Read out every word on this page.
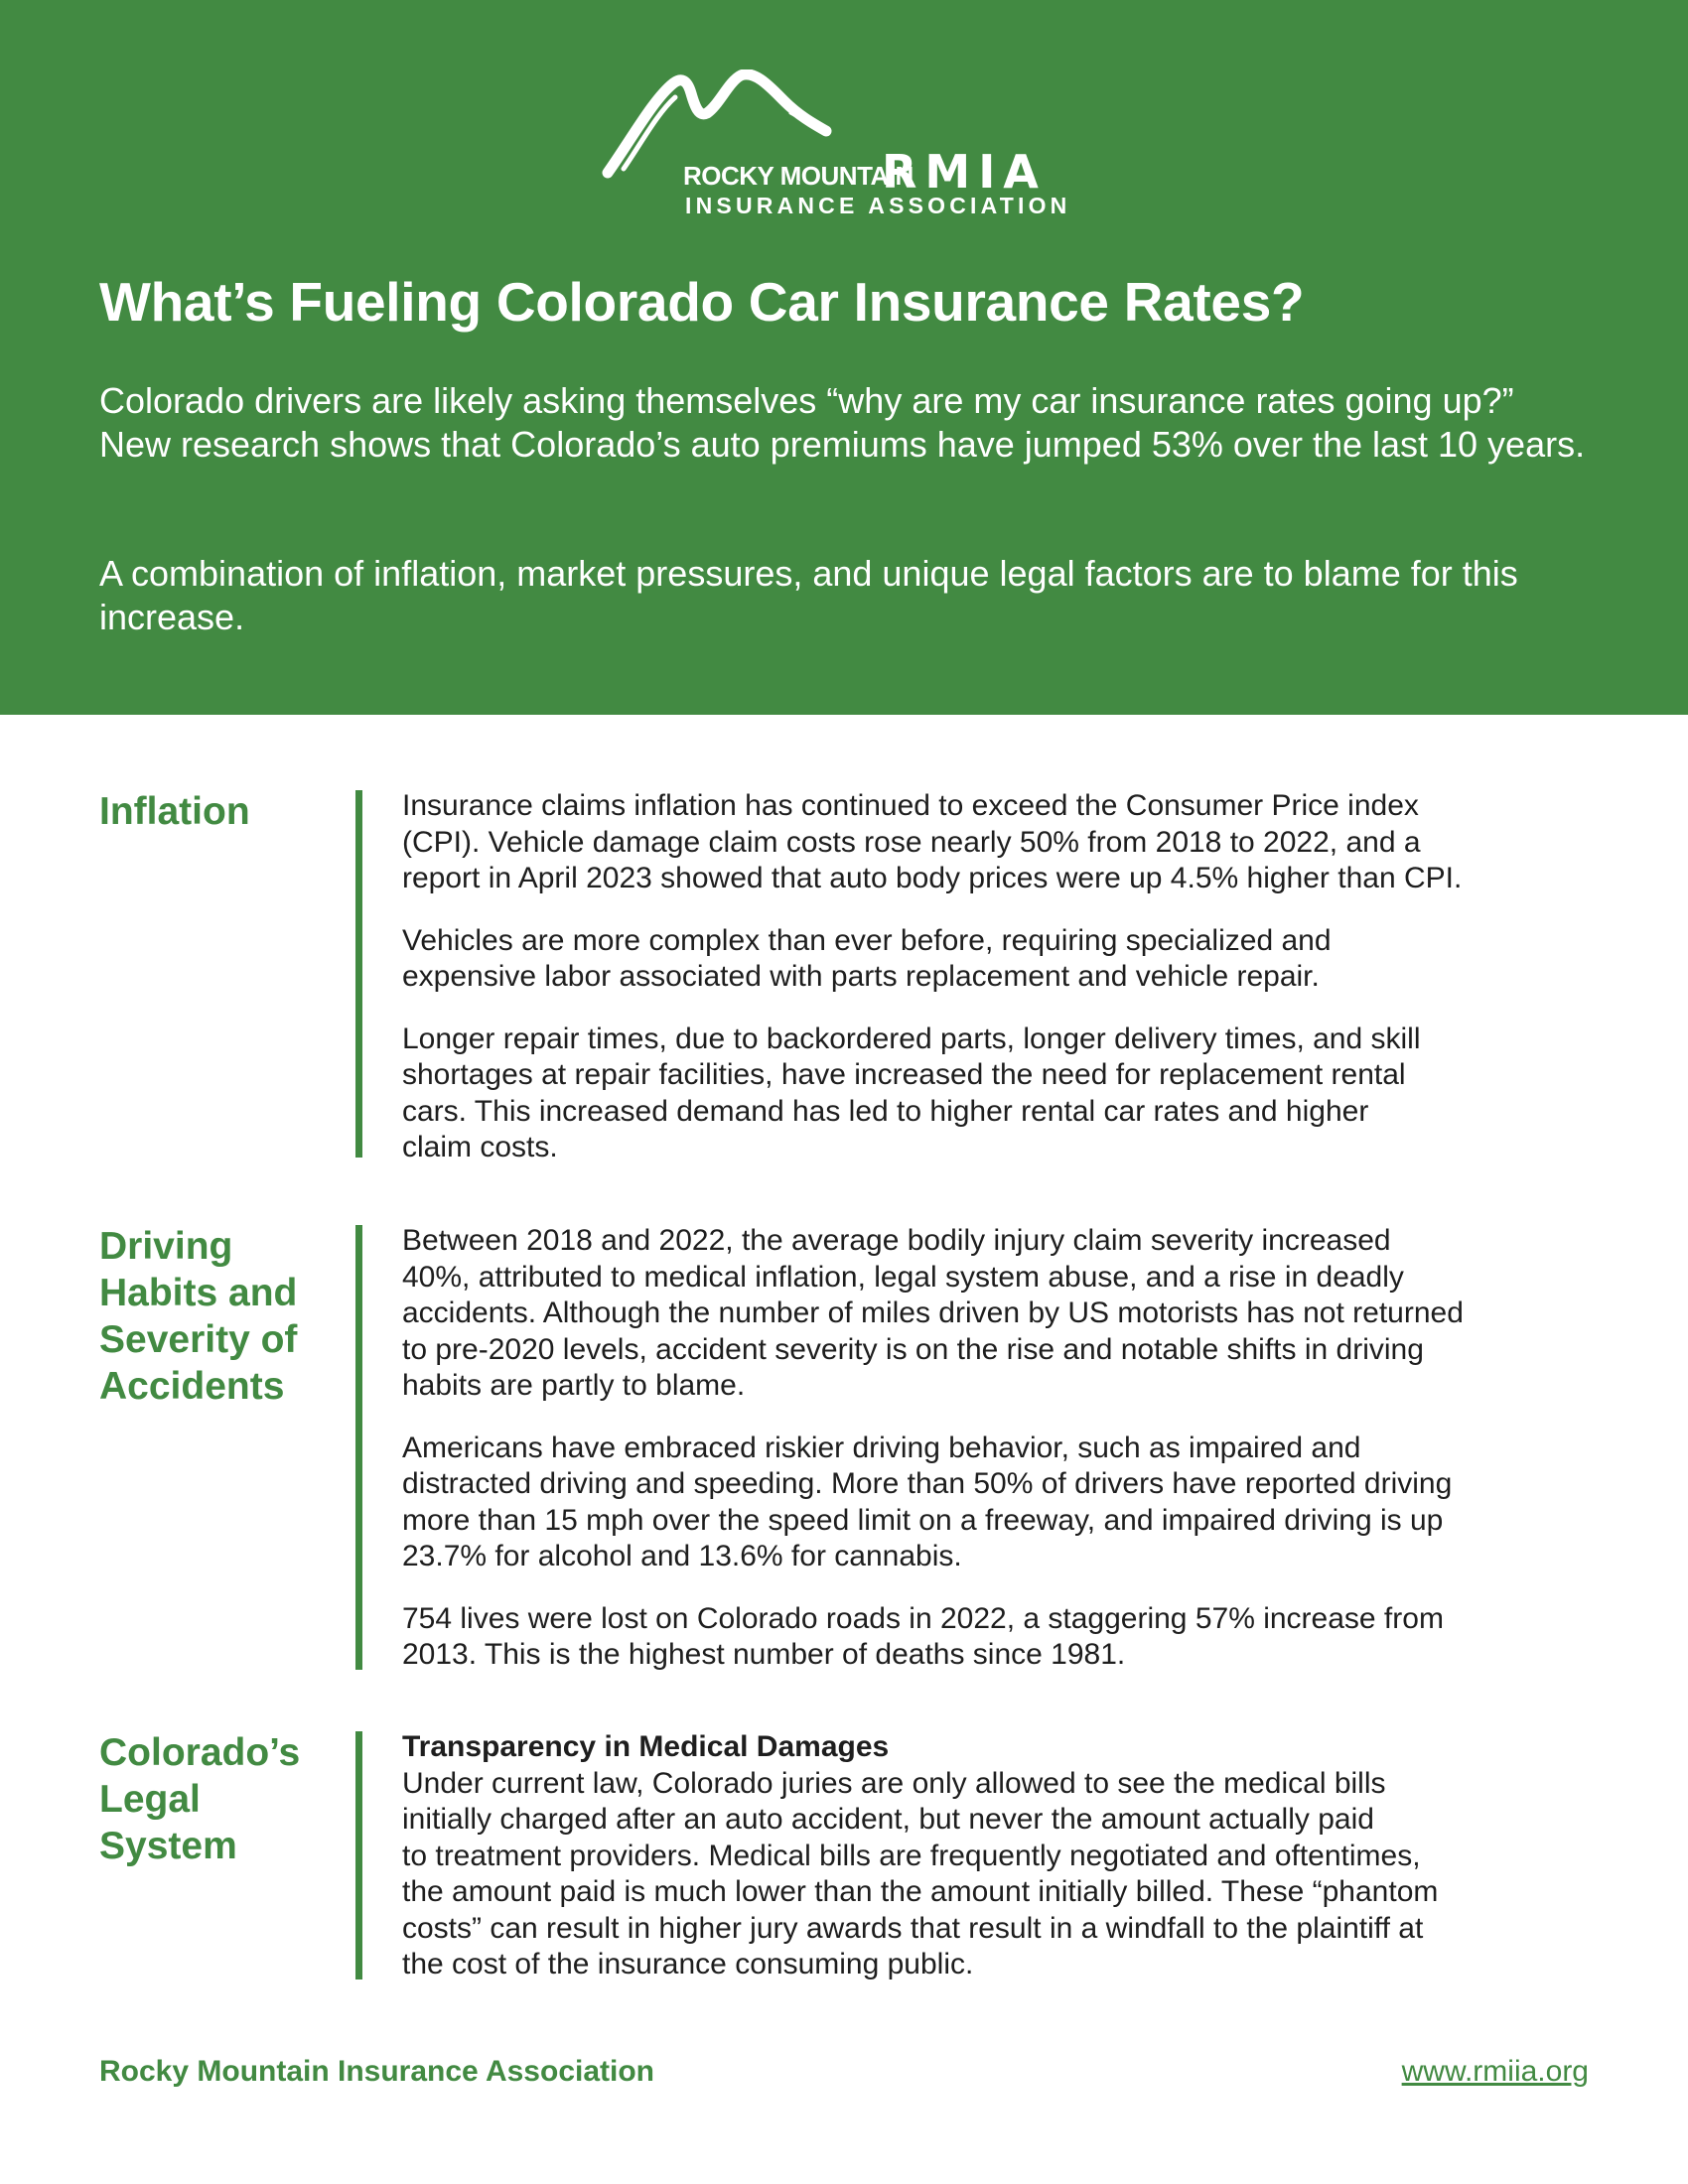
ROCKY MOUNTAIN
RMIA
INSURANCE ASSOCIATION
What’s Fueling Colorado Car Insurance Rates?

Colorado drivers are likely asking themselves “why are my car insurance rates going up?” New research shows that Colorado’s auto premiums have jumped 53% over the last 10 years.

A combination of inflation, market pressures, and unique legal factors are to blame for this increase.

Inflation	Insurance claims inflation has continued to exceed the Consumer Price index
(CPI). Vehicle damage claim costs rose nearly 50% from 2018 to 2022, and a
report in April 2023 showed that auto body prices were up 4.5% higher than CPI.

Vehicles are more complex than ever before, requiring specialized and
expensive labor associated with parts replacement and vehicle repair.

Longer repair times, due to backordered parts, longer delivery times, and skill
shortages at repair facilities, have increased the need for replacement rental
cars. This increased demand has led to higher rental car rates and higher
claim costs.

Driving Habits and Severity of Accidents

Between 2018 and 2022, the average bodily injury claim severity increased
40%, attributed to medical inflation, legal system abuse, and a rise in deadly
accidents. Although the number of miles driven by US motorists has not returned
to pre-2020 levels, accident severity is on the rise and notable shifts in driving
habits are partly to blame.

Americans have embraced riskier driving behavior, such as impaired and
distracted driving and speeding. More than 50% of drivers have reported driving
more than 15 mph over the speed limit on a freeway, and impaired driving is up
23.7% for alcohol and 13.6% for cannabis.

754 lives were lost on Colorado roads in 2022, a staggering 57% increase from
2013. This is the highest number of deaths since 1981.

Colorado’s Legal System

Transparency in Medical Damages

Under current law, Colorado juries are only allowed to see the medical bills
initially charged after an auto accident, but never the amount actually paid
to treatment providers. Medical bills are frequently negotiated and oftentimes,
the amount paid is much lower than the amount initially billed. These “phantom
costs” can result in higher jury awards that result in a windfall to the plaintiff at
the cost of the insurance consuming public.

Rocky Mountain Insurance Association	www.rmiia.org
